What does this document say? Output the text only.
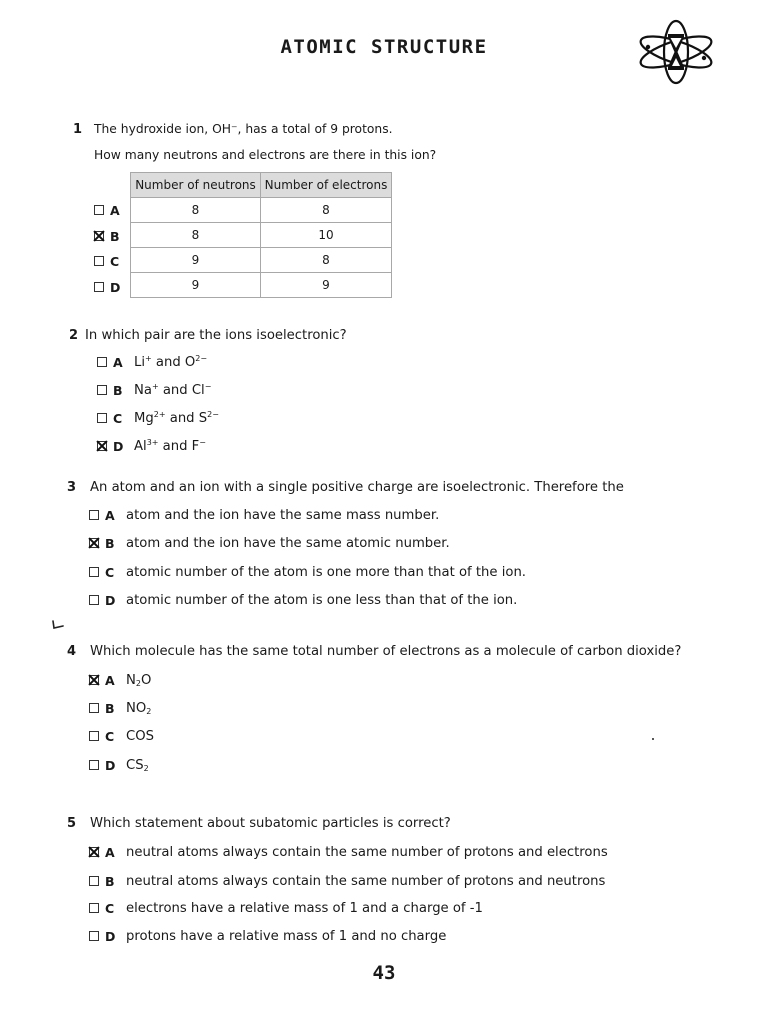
ATOMIC STRUCTURE
1 The hydroxide ion, OH⁻, has a total of 9 protons.
How many neutrons and electrons are there in this ion?
Number of neutrons	Number of electrons
8	8
8	10
9	8
9	9
A
B
C
D
2 In which pair are the ions isoelectronic?
A Li+ and $O^{2-}$
B Na+ and Cl−
C $Mg^{2+}$ and $S^{2-}$
D $Al^{3+}$ and F−
3 An atom and an ion with a single positive charge are isoelectronic. Therefore the
A atom and the ion have the same mass number.
B atom and the ion have the same atomic number.
C atomic number of the atom is one more than that of the ion.
D atomic number of the atom is one less than that of the ion.
4 Which molecule has the same total number of electrons as a molecule of carbon dioxide?
A $N_2O$
B $NO_2$
C COS
D $CS_2$
5 Which statement about subatomic particles is correct?
A neutral atoms always contain the same number of protons and electrons
B neutral atoms always contain the same number of protons and neutrons
C electrons have a relative mass of 1 and a charge of -1
D protons have a relative mass of 1 and no charge
43
